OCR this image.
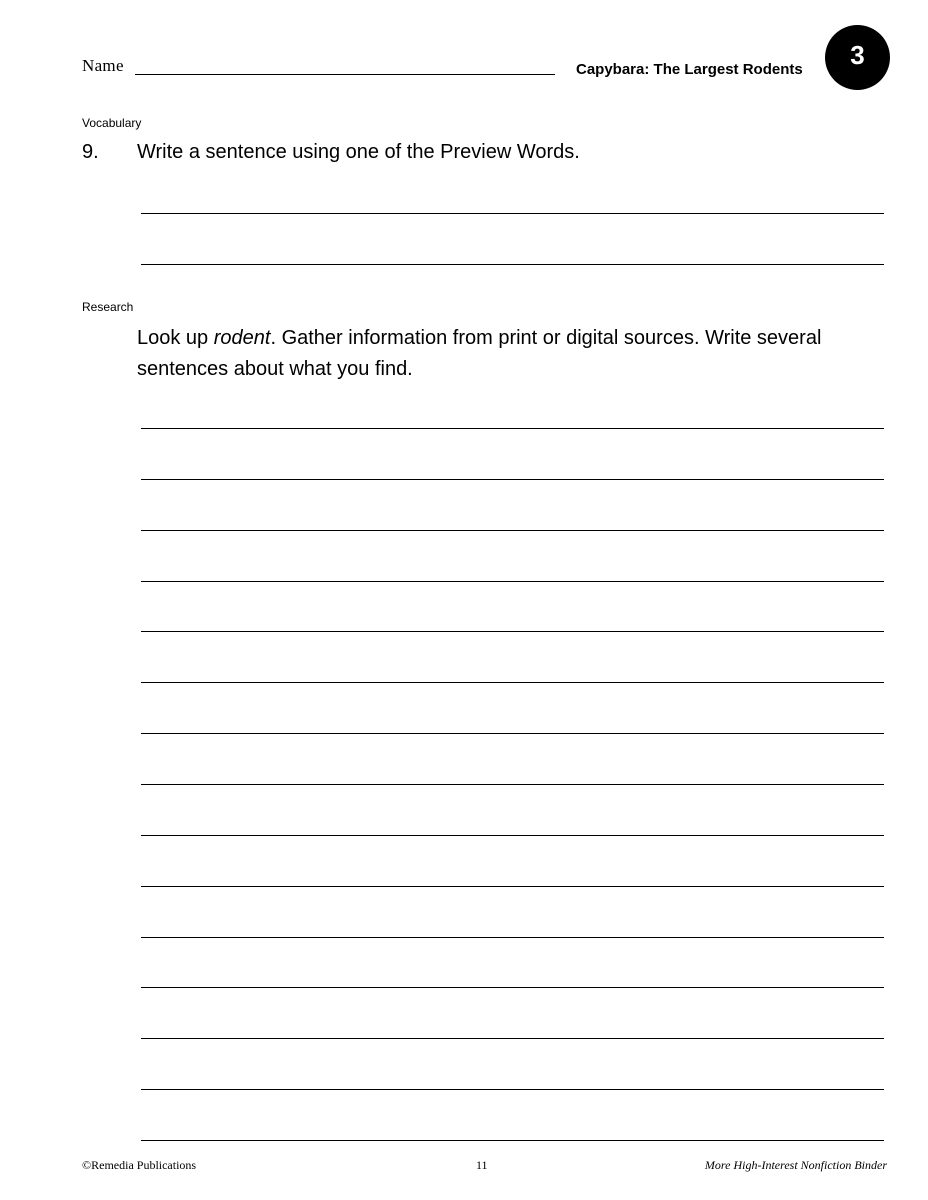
Name	Capybara: The Largest Rodents	3
Vocabulary
9. Write a sentence using one of the Preview Words.
Research
Look up rodent. Gather information from print or digital sources. Write several sentences about what you find.
©Remedia Publications	11	More High-Interest Nonfiction Binder
